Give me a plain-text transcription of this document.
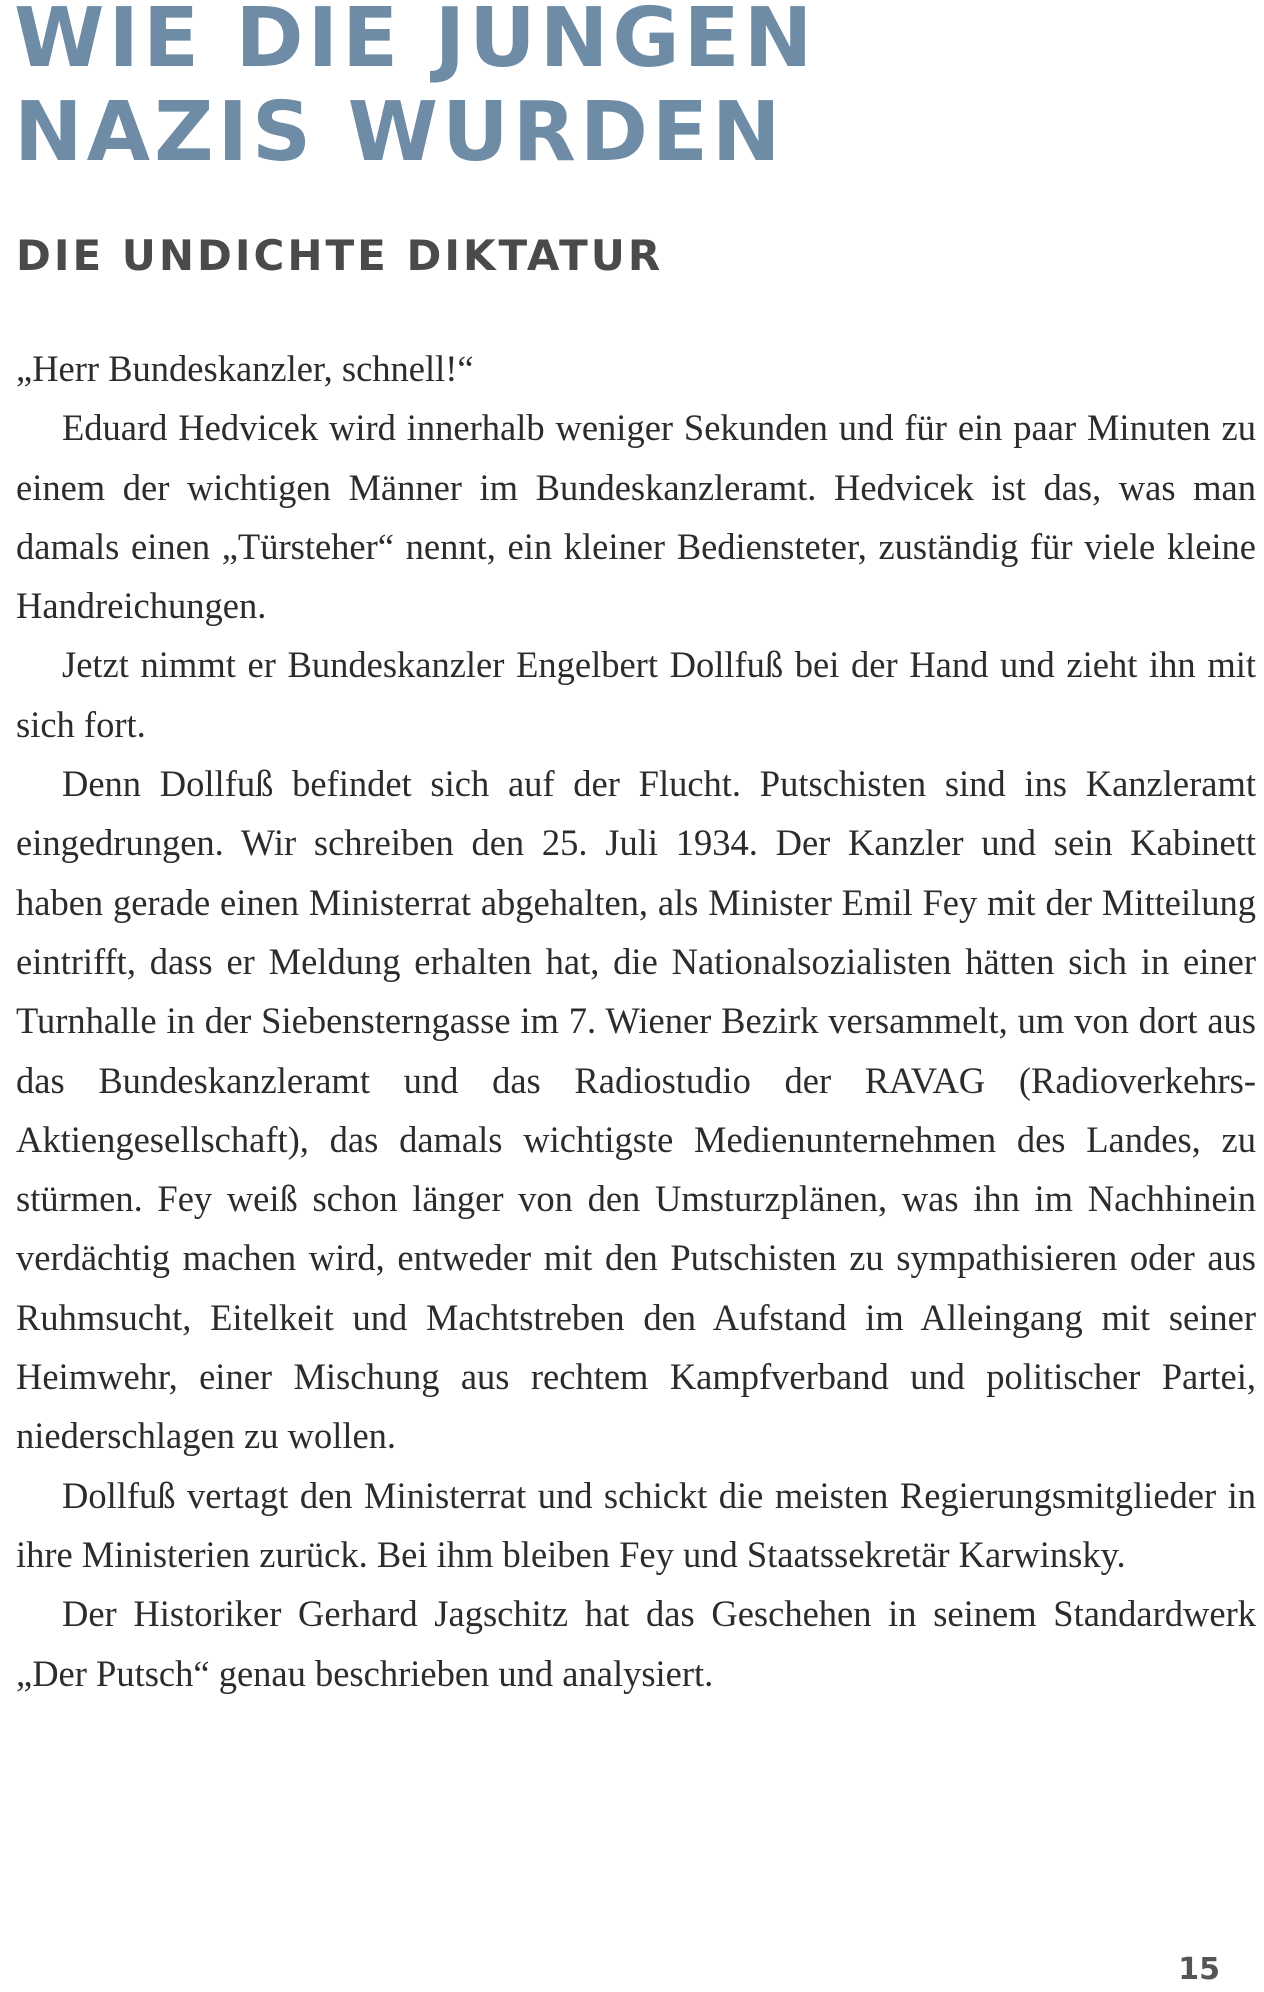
WIE DIE JUNGEN
NAZIS WURDEN
DIE UNDICHTE DIKTATUR

„Herr Bundeskanzler, schnell!“

Eduard Hedvicek wird innerhalb weniger Sekunden und für ein paar Minuten zu einem der wichtigen Männer im Bundeskanzleramt. Hedvicek ist das, was man damals einen „Türsteher“ nennt, ein kleiner Bediensteter, zuständig für viele kleine Handreichungen.

Jetzt nimmt er Bundeskanzler Engelbert Dollfuß bei der Hand und zieht ihn mit sich fort.

Denn Dollfuß befindet sich auf der Flucht. Putschisten sind ins Kanzleramt eingedrungen. Wir schreiben den 25. Juli 1934. Der Kanzler und sein Kabinett haben gerade einen Ministerrat abgehalten, als Minister Emil Fey mit der Mitteilung eintrifft, dass er Meldung erhalten hat, die Nationalsozialisten hätten sich in einer Turnhalle in der Siebensterngasse im 7. Wiener Bezirk versammelt, um von dort aus das Bundeskanzleramt und das Radiostudio der RAVAG (Radioverkehrs-Aktiengesellschaft), das damals wichtigste Medienunternehmen des Landes, zu stürmen. Fey weiß schon länger von den Umsturzplänen, was ihn im Nachhinein verdächtig machen wird, entweder mit den Putschisten zu sympathisieren oder aus Ruhmsucht, Eitelkeit und Machtstreben den Aufstand im Alleingang mit seiner Heimwehr, einer Mischung aus rechtem Kampfverband und politischer Partei, niederschlagen zu wollen.

Dollfuß vertagt den Ministerrat und schickt die meisten Regierungsmitglieder in ihre Ministerien zurück. Bei ihm bleiben Fey und Staatssekretär Karwinsky.

Der Historiker Gerhard Jagschitz hat das Geschehen in seinem Standardwerk „Der Putsch“ genau beschrieben und analysiert.

15
